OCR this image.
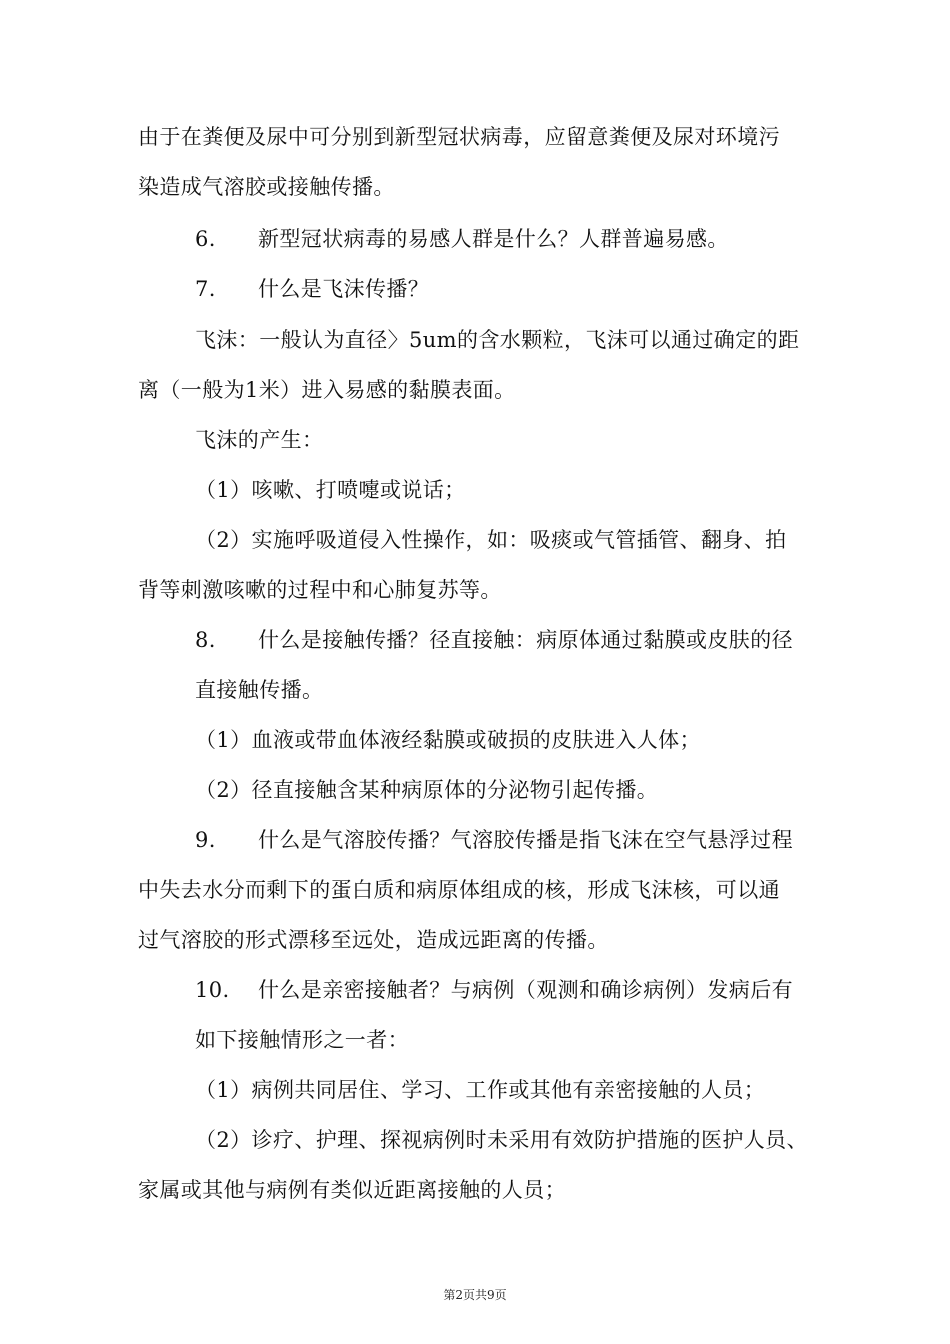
由于在粪便及尿中可分别到新型冠状病毒，应留意粪便及尿对环境污
染造成气溶胶或接触传播。
6. 新型冠状病毒的易感人群是什么？人群普遍易感。
7. 什么是飞沫传播？
飞沫：一般认为直径〉5um的含水颗粒，飞沫可以通过确定的距
离（一般为1米）进入易感的黏膜表面。
飞沫的产生：
（1）咳嗽、打喷嚏或说话；
（2）实施呼吸道侵入性操作，如：吸痰或气管插管、翻身、拍
背等刺激咳嗽的过程中和心肺复苏等。
8. 什么是接触传播？径直接触：病原体通过黏膜或皮肤的径
直接触传播。
（1）血液或带血体液经黏膜或破损的皮肤进入人体；
（2）径直接触含某种病原体的分泌物引起传播。
9. 什么是气溶胶传播？气溶胶传播是指飞沫在空气悬浮过程
中失去水分而剩下的蛋白质和病原体组成的核，形成飞沫核，可以通
过气溶胶的形式漂移至远处，造成远距离的传播。
10. 什么是亲密接触者？与病例（观测和确诊病例）发病后有
如下接触情形之一者：
（1）病例共同居住、学习、工作或其他有亲密接触的人员；
（2）诊疗、护理、探视病例时未采用有效防护措施的医护人员、
家属或其他与病例有类似近距离接触的人员；
第2页共9页
